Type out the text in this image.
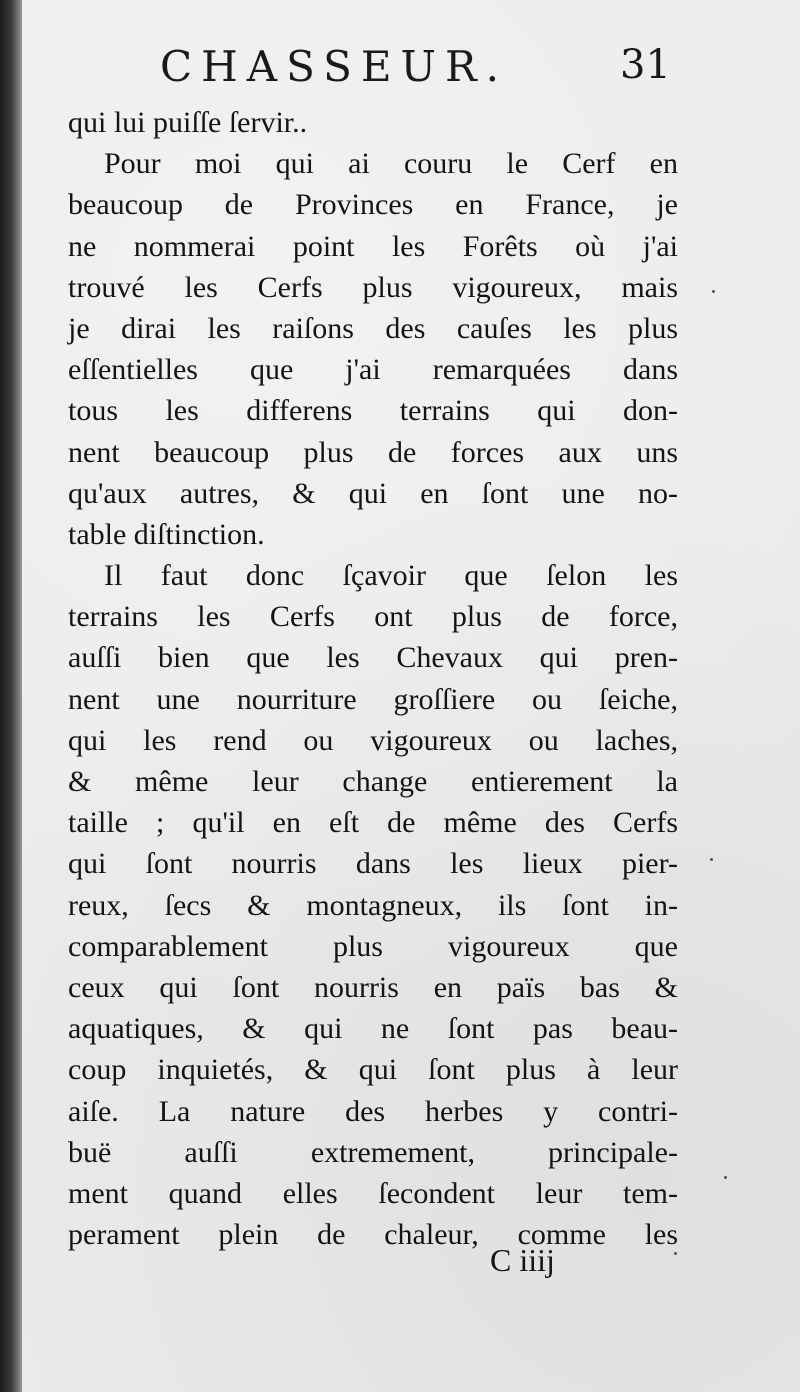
CHASSEUR.	31
qui lui puiſſe ſervir..
Pour moi qui ai couru le Cerf en
beaucoup de Provinces en France, je
ne nommerai point les Forêts où j'ai
trouvé les Cerfs plus vigoureux, mais
je dirai les raiſons des cauſes les plus
eſſentielles que j'ai remarquées dans
tous les differens terrains qui don-
nent beaucoup plus de forces aux uns
qu'aux autres, & qui en ſont une no-
table diſtinction.
Il faut donc ſçavoir que ſelon les
terrains les Cerfs ont plus de force,
auſſi bien que les Chevaux qui pren-
nent une nourriture groſſiere ou ſeiche,
qui les rend ou vigoureux ou laches,
& même leur change entierement la
taille ; qu'il en eſt de même des Cerfs
qui ſont nourris dans les lieux pier-
reux, ſecs & montagneux, ils ſont in-
comparablement plus vigoureux que
ceux qui ſont nourris en païs bas &
aquatiques, & qui ne ſont pas beau-
coup inquietés, & qui ſont plus à leur
aiſe. La nature des herbes y contri-
buë auſſi extremement, principale-
ment quand elles ſecondent leur tem-
perament plein de chaleur, comme les
C iiij
